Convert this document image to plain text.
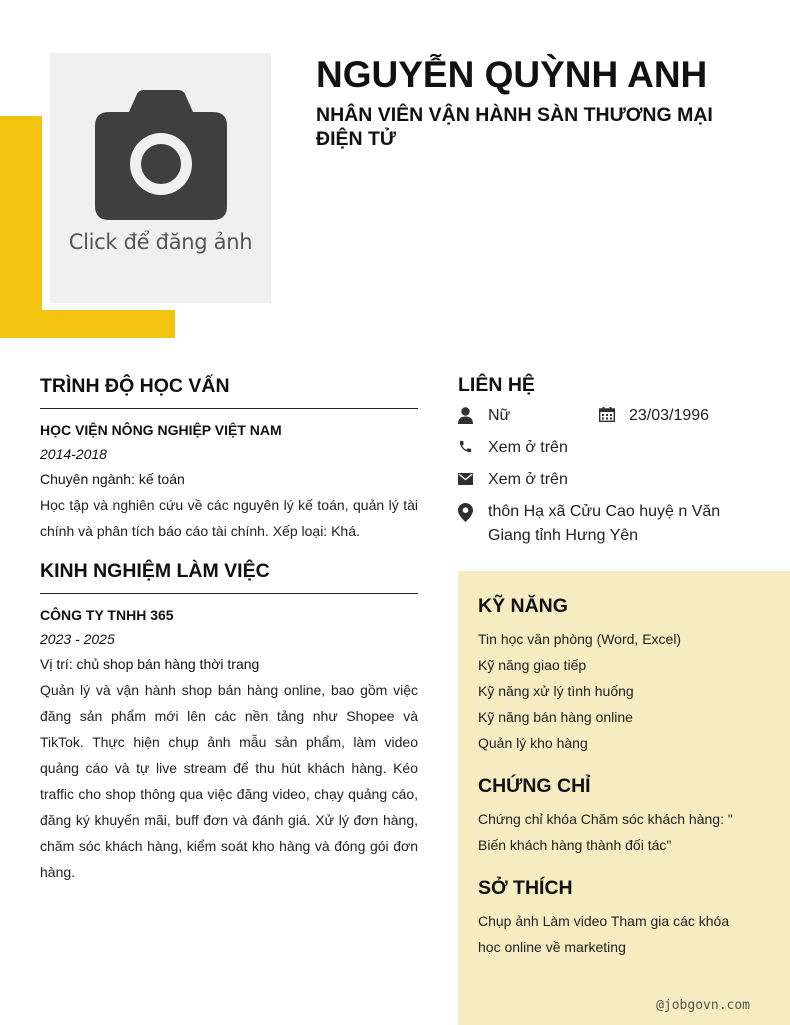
Click để đăng ảnh
NGUYỄN QUỲNH ANH
NHÂN VIÊN VẬN HÀNH SÀN THƯƠNG MẠI ĐIỆN TỬ
TRÌNH ĐỘ HỌC VẤN
HỌC VIỆN NÔNG NGHIỆP VIỆT NAM
2014-2018
Chuyên ngành: kế toán
Học tập và nghiên cứu về các nguyên lý kế toán, quản lý tài chính và phân tích báo cáo tài chính. Xếp loại: Khá.
KINH NGHIỆM LÀM VIỆC
CÔNG TY TNHH 365
2023 - 2025
Vị trí: chủ shop bán hàng thời trang
Quản lý và vận hành shop bán hàng online, bao gồm việc đăng sản phẩm mới lên các nền tảng như Shopee và TikTok. Thực hiện chụp ảnh mẫu sản phẩm, làm video quảng cáo và tự live stream để thu hút khách hàng. Kéo traffic cho shop thông qua việc đăng video, chạy quảng cáo, đăng ký khuyến mãi, buff đơn và đánh giá. Xử lý đơn hàng, chăm sóc khách hàng, kiểm soát kho hàng và đóng gói đơn hàng.
LIÊN HỆ
Nữ	23/03/1996
Xem ở trên
Xem ở trên
thôn Hạ xã Cửu Cao huyệ n Văn Giang tỉnh Hưng Yên
KỸ NĂNG
Tin học văn phòng (Word, Excel)
Kỹ năng giao tiếp
Kỹ năng xử lý tình huống
Kỹ năng bán hàng online
Quản lý kho hàng
CHỨNG CHỈ
Chứng chỉ khóa Chăm sóc khách hàng: " Biến khách hàng thành đối tác"
SỞ THÍCH
Chụp ảnh Làm video Tham gia các khóa học online về marketing
@jobgovn.com
